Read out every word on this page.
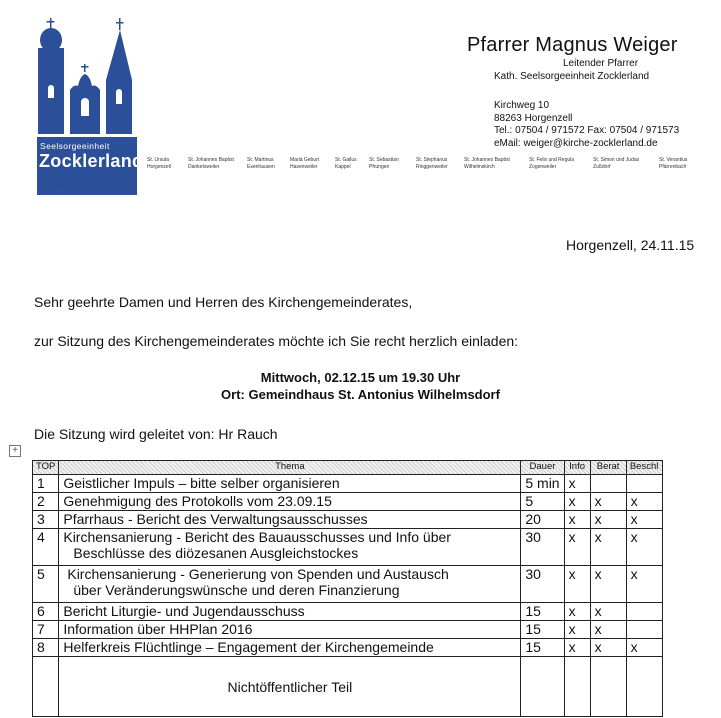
Seelsorgeeinheit
Zocklerland
kirche-zocklerland.de
Pfarrer Magnus Weiger
Leitender Pfarrer
Kath. Seelsorgeeinheit Zocklerland
Kirchweg 10
88263 Horgenzell
Tel.: 07504 / 971572 Fax: 07504 / 971573
eMail: weiger@kirche-zocklerland.de
St. Ursula
Horgenzell
St. Johannes Baptist
Danketsweiler
St. Martinus
Esenhausen
Mariä Geburt
Hasenweiler
St. Gallus
Kappel
St. Sebastian
Pfrungen
St. Stephanus
Ringgenweiler
St. Johannes Baptist
Wilhelmskirch
St. Felix und Regula
Zogenweiler
St. Simon und Judas
Zußdorf
St. Verantius
Pfärrenbach
Horgenzell, 24.11.15
Sehr geehrte Damen und Herren des Kirchengemeinderates,
zur Sitzung des Kirchengemeinderates möchte ich Sie recht herzlich einladen:
Mittwoch, 02.12.15 um 19.30 Uhr
Ort: Gemeindhaus St. Antonius Wilhelmsdorf
Die Sitzung wird geleitet von: Hr Rauch
+
TOP	Thema	Dauer	Info	Berat	Beschl
1	Geistlicher Impuls – bitte selber organisieren	5 min	x		
2	Genehmigung des Protokolls vom 23.09.15	5	x	x	x
3	Pfarrhaus - Bericht des Verwaltungsausschusses	20	x	x	x
4	Kirchensanierung - Bericht des Bauausschusses und Info über
Beschlüsse des diözesanen Ausgleichstockes	30	x	x	x
5	Kirchensanierung - Generierung von Spenden und Austausch
über Veränderungswünsche und deren Finanzierung	30	x	x	x
6	Bericht Liturgie- und Jugendausschuss	15	x	x	
7	Information über HHPlan 2016	15	x	x	
8	Helferkreis Flüchtlinge – Engagement der Kirchengemeinde	15	x	x	x
	Nichtöffentlicher Teil				
